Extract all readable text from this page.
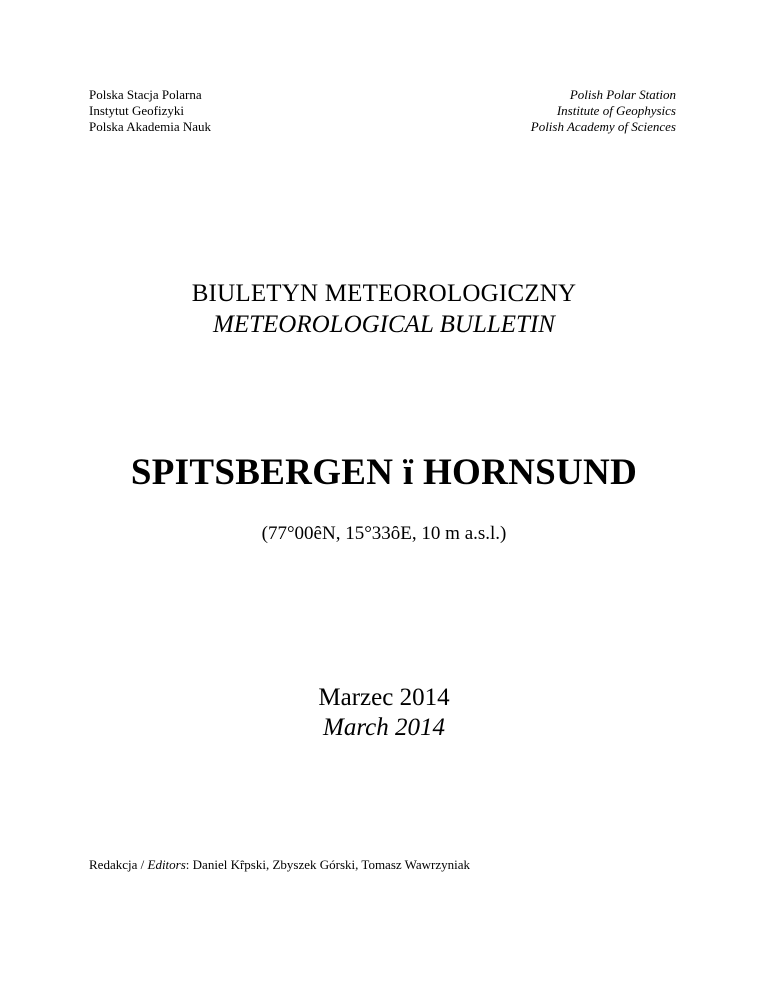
Polska Stacja Polarna
Instytut Geofizyki
Polska Akademia Nauk
Polish Polar Station
Institute of Geophysics
Polish Academy of Sciences
BIULETYN METEOROLOGICZNY
METEOROLOGICAL BULLETIN
SPITSBERGEN ï HORNSUND
(77°00ȇN, 15°33ȏE, 10 m a.s.l.)
Marzec 2014
March 2014
Redakcja / Editors: Daniel Kȓpski, Zbyszek Górski, Tomasz Wawrzyniak
